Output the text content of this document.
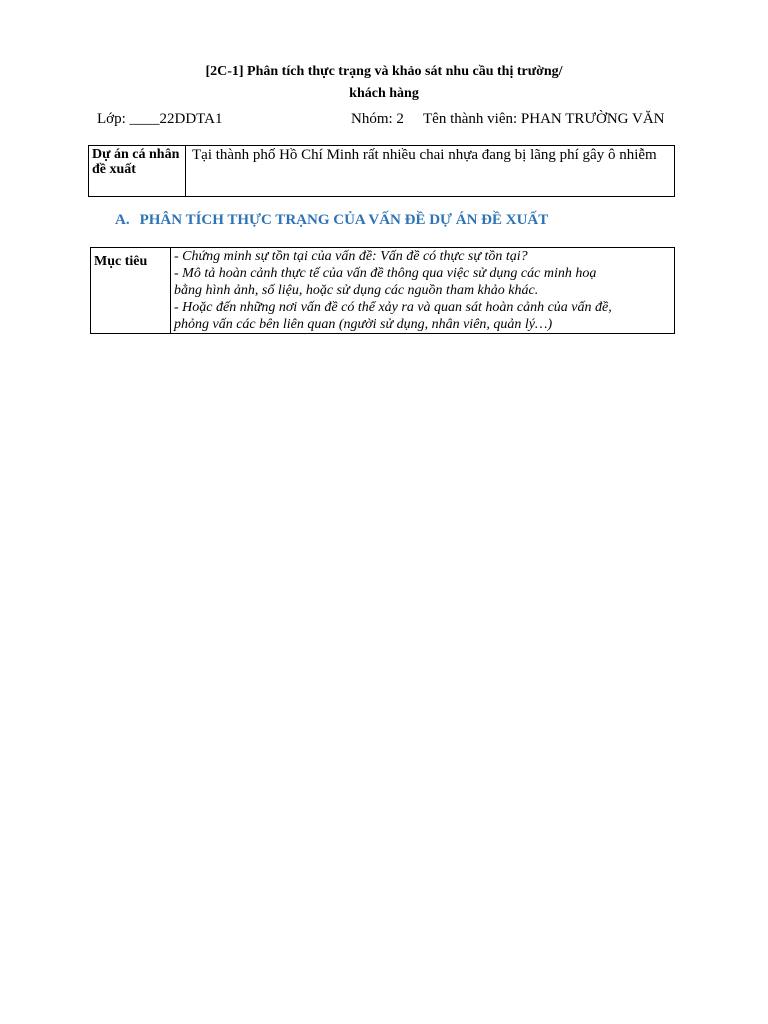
[2C-1] Phân tích thực trạng và khảo sát nhu cầu thị trường/
khách hàng
Lớp: ____22DDTA1	Nhóm: 2 Tên thành viên: PHAN TRƯỜNG VĂN
Dự án cá nhân đề xuất	Tại thành phố Hồ Chí Minh rất nhiều chai nhựa đang bị lãng phí gây ô nhiễm
A. PHÂN TÍCH THỰC TRẠNG CỦA VẤN ĐỀ DỰ ÁN ĐỀ XUẤT
Mục tiêu	- Chứng minh sự tồn tại của vấn đề: Vấn đề có thực sự tồn tại?
- Mô tả hoàn cảnh thực tế của vấn đề thông qua việc sử dụng các minh hoạ
bằng hình ảnh, số liệu, hoặc sử dụng các nguồn tham khảo khác.
- Hoặc đến những nơi vấn đề có thể xảy ra và quan sát hoàn cảnh của vấn đề,
phỏng vấn các bên liên quan (người sử dụng, nhân viên, quản lý…)
